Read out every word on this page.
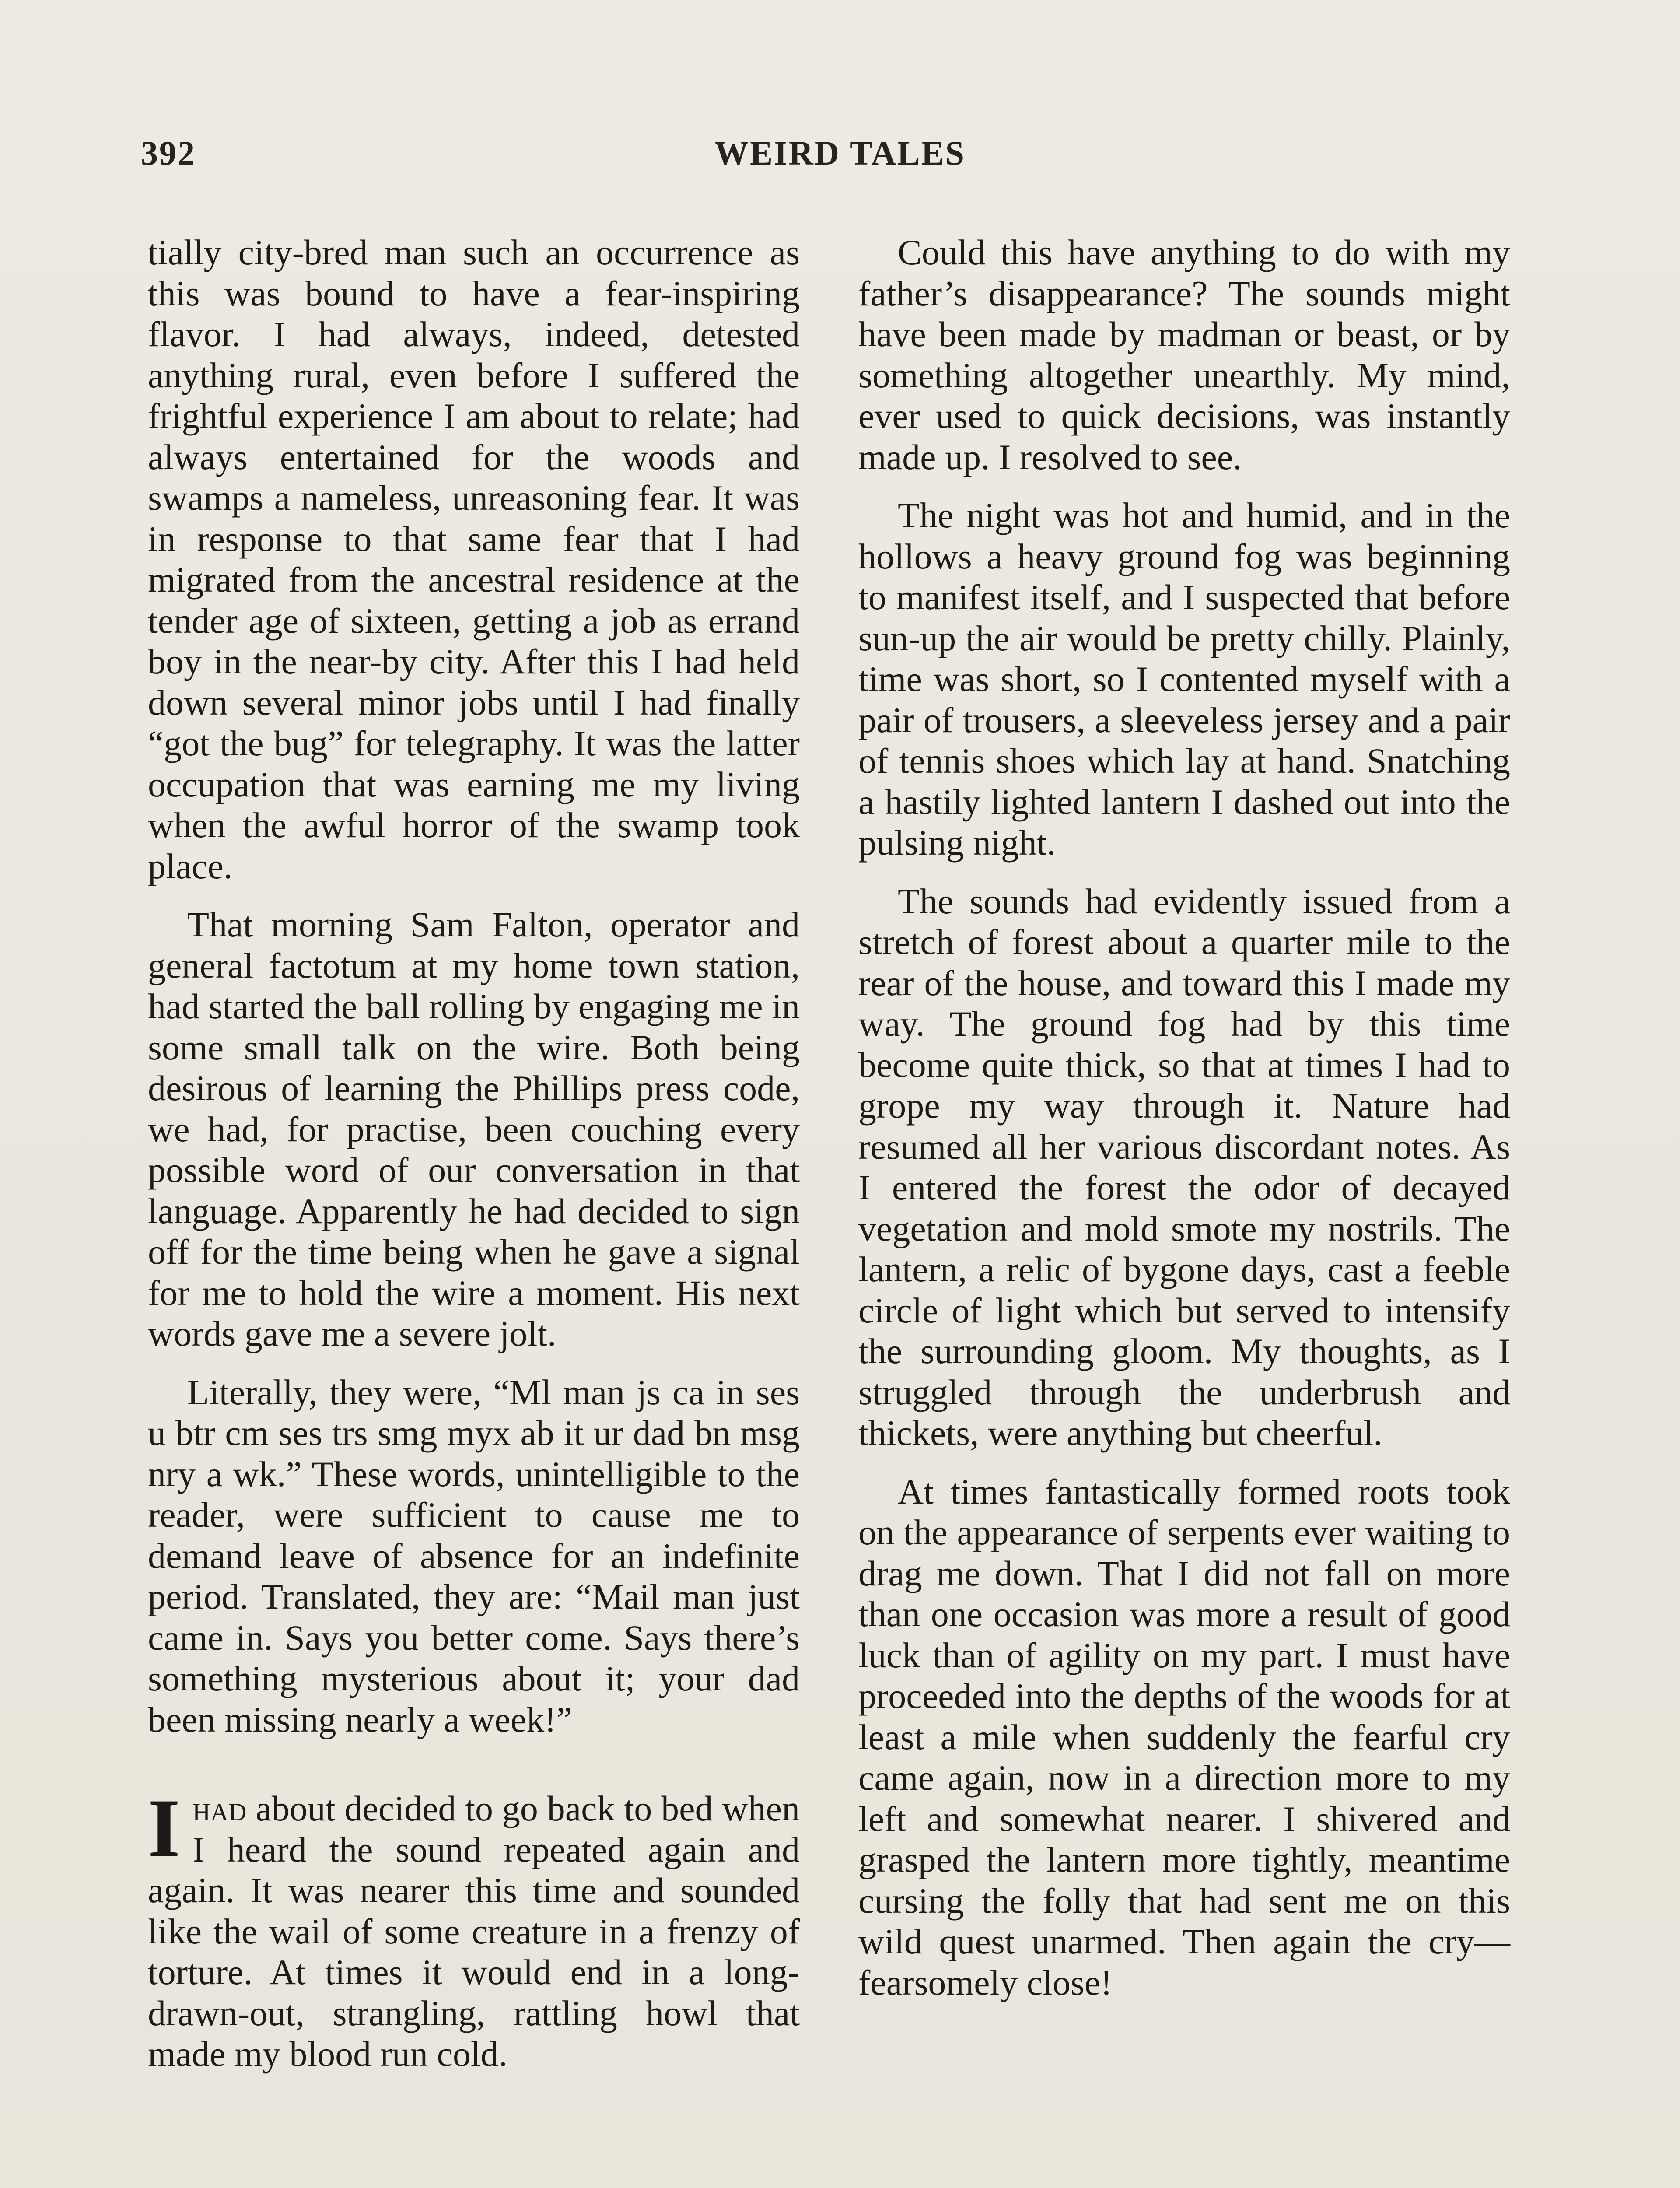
392	WEIRD TALES

tially city-bred man such an occurrence as this was bound to have a fear-inspiring flavor. I had always, indeed, detested anything rural, even before I suffered the frightful experience I am about to relate; had always entertained for the woods and swamps a nameless, unreasoning fear. It was in response to that same fear that I had migrated from the ancestral residence at the tender age of sixteen, getting a job as errand boy in the near-by city. After this I had held down several minor jobs until I had finally “got the bug” for telegraphy. It was the latter occupation that was earning me my living when the awful horror of the swamp took place.

That morning Sam Falton, operator and general factotum at my home town station, had started the ball rolling by engaging me in some small talk on the wire. Both being desirous of learning the Phillips press code, we had, for practise, been couching every possible word of our conversation in that language. Apparently he had decided to sign off for the time being when he gave a signal for me to hold the wire a moment. His next words gave me a severe jolt.

Literally, they were, “Ml man js ca in ses u btr cm ses trs smg myx ab it ur dad bn msg nry a wk.” These words, unintelligible to the reader, were sufficient to cause me to demand leave of absence for an indefinite period. Translated, they are: “Mail man just came in. Says you better come. Says there’s something mysterious about it; your dad been missing nearly a week!”

Ihad about decided to go back to bed when I heard the sound repeated again and again. It was nearer this time and sounded like the wail of some creature in a frenzy of torture. At times it would end in a long-drawn-out, strangling, rattling howl that made my blood run cold.

Could this have anything to do with my father’s disappearance? The sounds might have been made by madman or beast, or by something altogether unearthly. My mind, ever used to quick decisions, was instantly made up. I resolved to see.

The night was hot and humid, and in the hollows a heavy ground fog was beginning to manifest itself, and I suspected that before sun-up the air would be pretty chilly. Plainly, time was short, so I contented myself with a pair of trousers, a sleeveless jersey and a pair of tennis shoes which lay at hand. Snatching a hastily lighted lantern I dashed out into the pulsing night.

The sounds had evidently issued from a stretch of forest about a quarter mile to the rear of the house, and toward this I made my way. The ground fog had by this time become quite thick, so that at times I had to grope my way through it. Nature had resumed all her various discordant notes. As I entered the forest the odor of decayed vegetation and mold smote my nostrils. The lantern, a relic of bygone days, cast a feeble circle of light which but served to intensify the surrounding gloom. My thoughts, as I struggled through the underbrush and thickets, were anything but cheerful.

At times fantastically formed roots took on the appearance of serpents ever waiting to drag me down. That I did not fall on more than one occasion was more a result of good luck than of agility on my part. I must have proceeded into the depths of the woods for at least a mile when suddenly the fearful cry came again, now in a direction more to my left and somewhat nearer. I shivered and grasped the lantern more tightly, meantime cursing the folly that had sent me on this wild quest unarmed. Then again the cry—fearsomely close!
